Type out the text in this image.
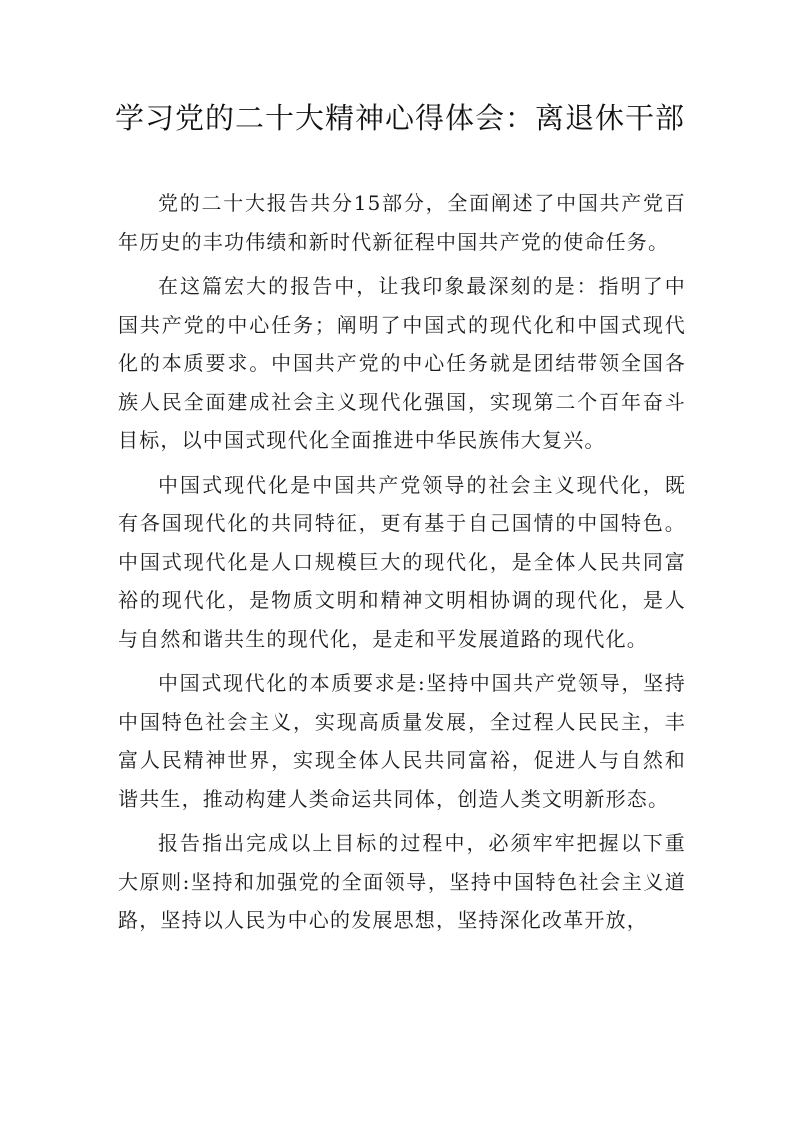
学习党的二十大精神心得体会：离退休干部

党的二十大报告共分15部分，全面阐述了中国共产党百年历史的丰功伟绩和新时代新征程中国共产党的使命任务。

在这篇宏大的报告中，让我印象最深刻的是：指明了中国共产党的中心任务；阐明了中国式的现代化和中国式现代化的本质要求。中国共产党的中心任务就是团结带领全国各族人民全面建成社会主义现代化强国，实现第二个百年奋斗目标，以中国式现代化全面推进中华民族伟大复兴。

中国式现代化是中国共产党领导的社会主义现代化，既有各国现代化的共同特征，更有基于自己国情的中国特色。中国式现代化是人口规模巨大的现代化，是全体人民共同富裕的现代化，是物质文明和精神文明相协调的现代化，是人与自然和谐共生的现代化，是走和平发展道路的现代化。

中国式现代化的本质要求是:坚持中国共产党领导，坚持中国特色社会主义，实现高质量发展，全过程人民民主，丰富人民精神世界，实现全体人民共同富裕，促进人与自然和谐共生，推动构建人类命运共同体，创造人类文明新形态。

报告指出完成以上目标的过程中，必须牢牢把握以下重大原则:坚持和加强党的全面领导，坚持中国特色社会主义道路，坚持以人民为中心的发展思想，坚持深化改革开放，
